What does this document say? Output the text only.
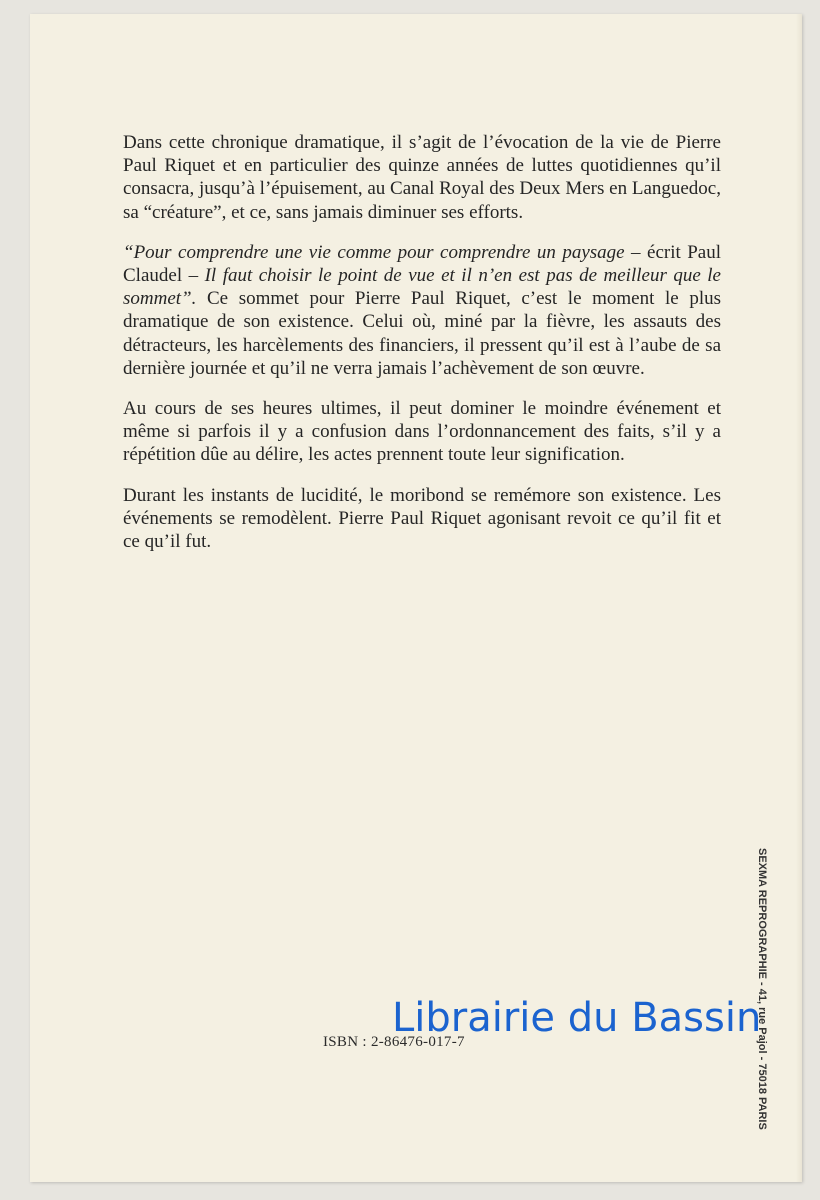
Dans cette chronique dramatique, il s’agit de l’évocation de la vie de Pierre Paul Riquet et en particulier des quinze années de luttes quotidiennes qu’il consacra, jusqu’à l’épuisement, au Canal Royal des Deux Mers en Languedoc, sa “créature”, et ce, sans jamais diminuer ses efforts.

“Pour comprendre une vie comme pour comprendre un paysage – écrit Paul Claudel – Il faut choisir le point de vue et il n’en est pas de meilleur que le sommet”. Ce sommet pour Pierre Paul Riquet, c’est le moment le plus dramatique de son existence. Celui où, miné par la fièvre, les assauts des détracteurs, les harcèlements des financiers, il pressent qu’il est à l’aube de sa dernière journée et qu’il ne verra jamais l’achèvement de son œuvre.

Au cours de ses heures ultimes, il peut dominer le moindre événement et même si parfois il y a confusion dans l’ordonnancement des faits, s’il y a répétition dûe au délire, les actes prennent toute leur signification.

Durant les instants de lucidité, le moribond se remémore son existence. Les événements se remodèlent. Pierre Paul Riquet agonisant revoit ce qu’il fit et ce qu’il fut.

SEXMA REPROGRAPHIE - 41, rue Pajol - 75018 PARIS
Librairie du Bassin
ISBN : 2-86476-017-7
